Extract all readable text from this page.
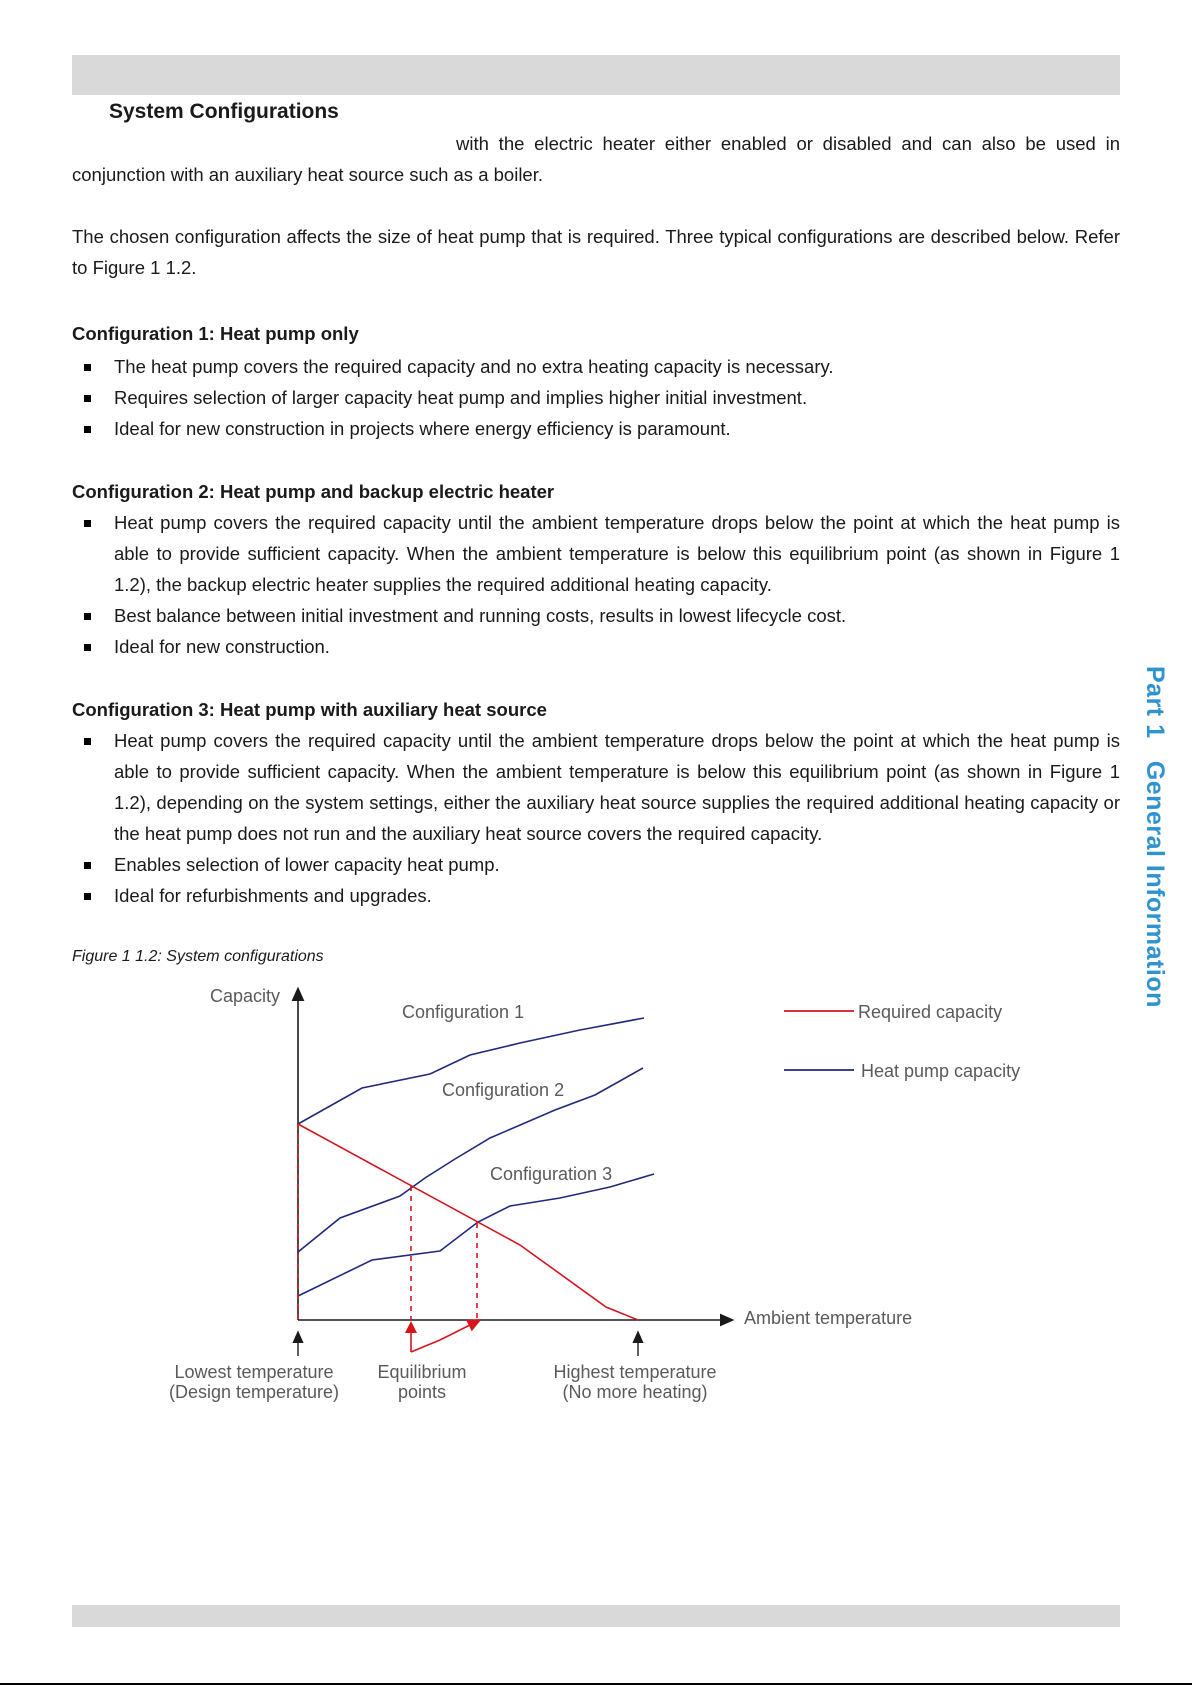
System Configurations
with the electric heater either enabled or disabled and can also be used in conjunction with an auxiliary heat source such as a boiler.
The chosen configuration affects the size of heat pump that is required. Three typical configurations are described below. Refer to Figure 1 1.2.
Configuration 1: Heat pump only
The heat pump covers the required capacity and no extra heating capacity is necessary.
Requires selection of larger capacity heat pump and implies higher initial investment.
Ideal for new construction in projects where energy efficiency is paramount.
Configuration 2: Heat pump and backup electric heater
Heat pump covers the required capacity until the ambient temperature drops below the point at which the heat pump is able to provide sufficient capacity. When the ambient temperature is below this equilibrium point (as shown in Figure 1 1.2), the backup electric heater supplies the required additional heating capacity.
Best balance between initial investment and running costs, results in lowest lifecycle cost.
Ideal for new construction.
Configuration 3: Heat pump with auxiliary heat source
Heat pump covers the required capacity until the ambient temperature drops below the point at which the heat pump is able to provide sufficient capacity. When the ambient temperature is below this equilibrium point (as shown in Figure 1 1.2), depending on the system settings, either the auxiliary heat source supplies the required additional heating capacity or the heat pump does not run and the auxiliary heat source covers the required capacity.
Enables selection of lower capacity heat pump.
Ideal for refurbishments and upgrades.
Figure 1 1.2: System configurations
Capacity
Ambient temperature
Configuration 1
Configuration 2
Configuration 3
Required capacity
Heat pump capacity
Lowest temperature
(Design temperature)
Equilibrium
points
Highest temperature
(No more heating)
Part 1   General Information
